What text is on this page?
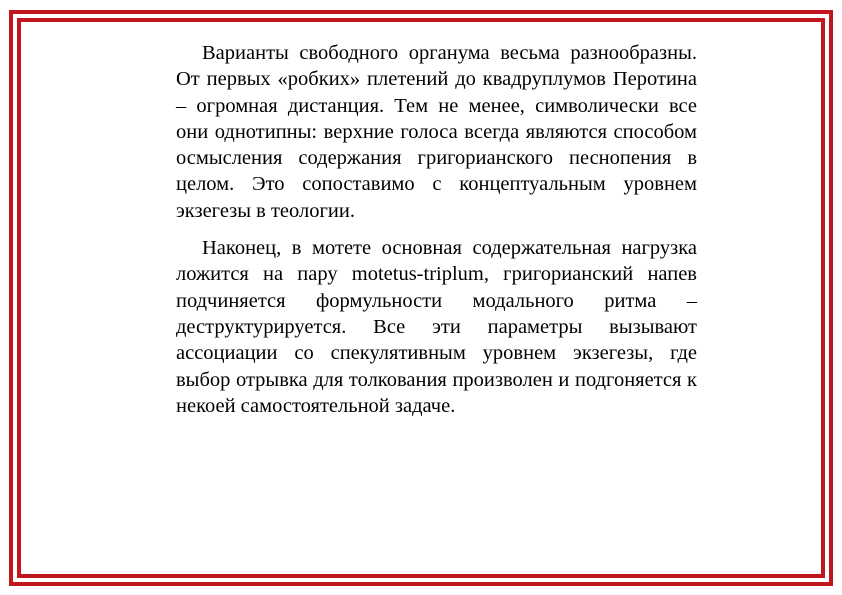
Варианты свободного органума весьма разнообразны. От первых «робких» плетений до квадруплумов Перотина – огромная дистанция. Тем не менее, символически все они однотипны: верхние голоса всегда являются способом осмысления содержания григорианского песнопения в целом. Это сопоставимо с концептуальным уровнем экзегезы в теологии.

Наконец, в мотете основная содержательная нагрузка ложится на пару motetus-triplum, григорианский напев подчиняется формульности модального ритма – деструктурируется. Все эти параметры вызывают ассоциации со спекулятивным уровнем экзегезы, где выбор отрывка для толкования произволен и подгоняется к некоей самостоятельной задаче.
